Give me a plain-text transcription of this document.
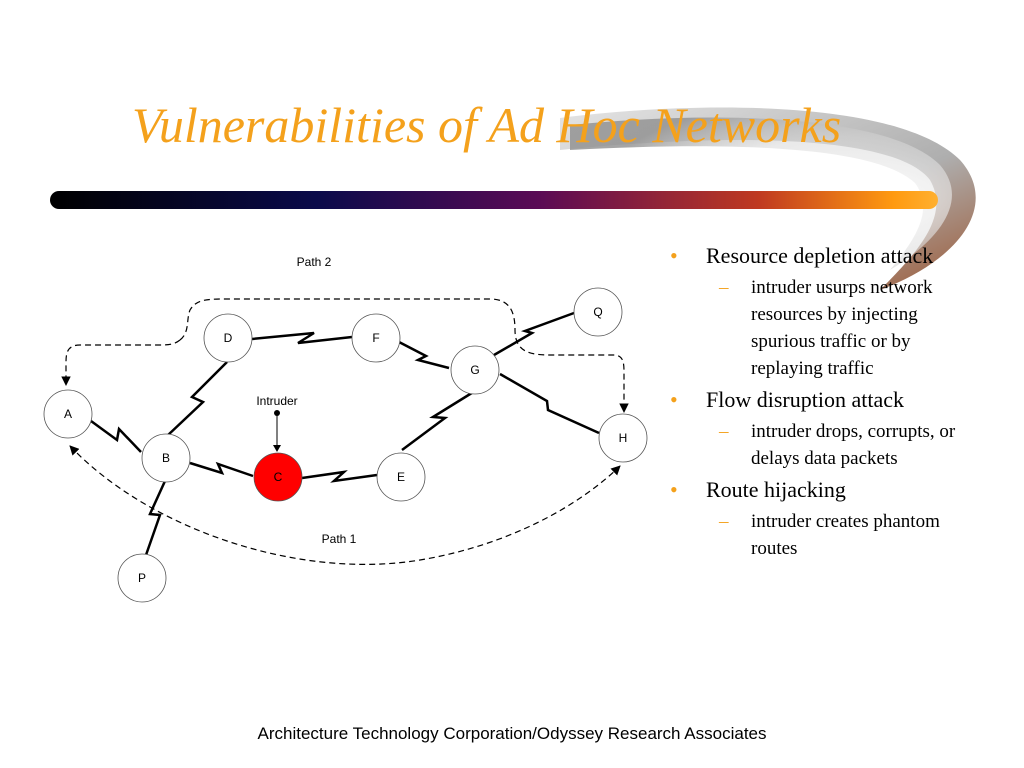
Vulnerabilities of Ad Hoc Networks
Path 2
Path 1
Intruder
A
B
C
D
E
F
G
H
P
Q
• Resource depletion attack
– intruder usurps network resources by injecting spurious traffic or by replaying traffic
• Flow disruption attack
– intruder drops, corrupts, or delays data packets
• Route hijacking
– intruder creates phantom routes
Architecture Technology Corporation/Odyssey Research Associates
